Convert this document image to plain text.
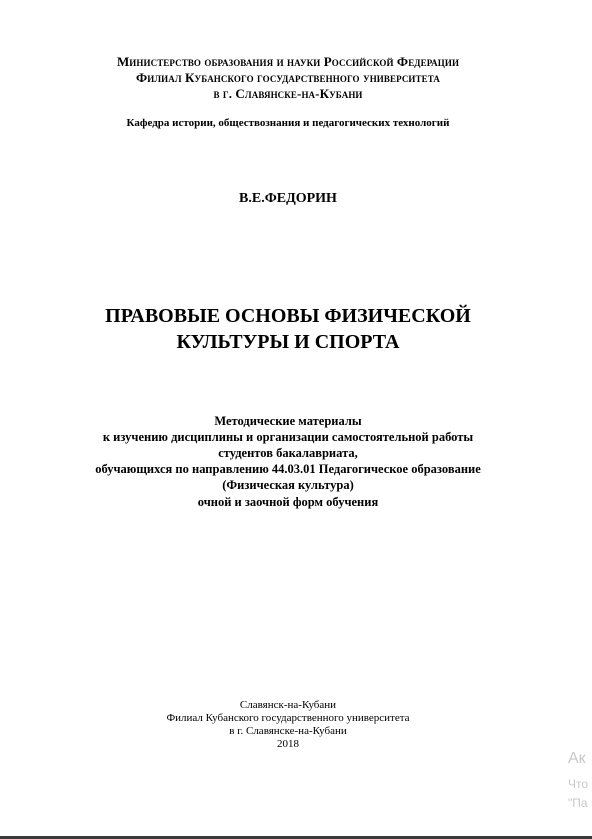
Министерство образования и науки Российской Федерации
Филиал Кубанского государственного университета
в г. Славянске-на-Кубани
Кафедра истории, обществознания и педагогических технологий
В.Е.ФЕДОРИН
ПРАВОВЫЕ ОСНОВЫ ФИЗИЧЕСКОЙ
КУЛЬТУРЫ И СПОРТА
Методические материалы
к изучению дисциплины и организации самостоятельной работы
студентов бакалавриата,
обучающихся по направлению 44.03.01 Педагогическое образование
(Физическая культура)
очной и заочной форм обучения
Славянск-на-Кубани
Филиал Кубанского государственного университета
в г. Славянске-на-Кубани
2018
Ак
Что
"Па
